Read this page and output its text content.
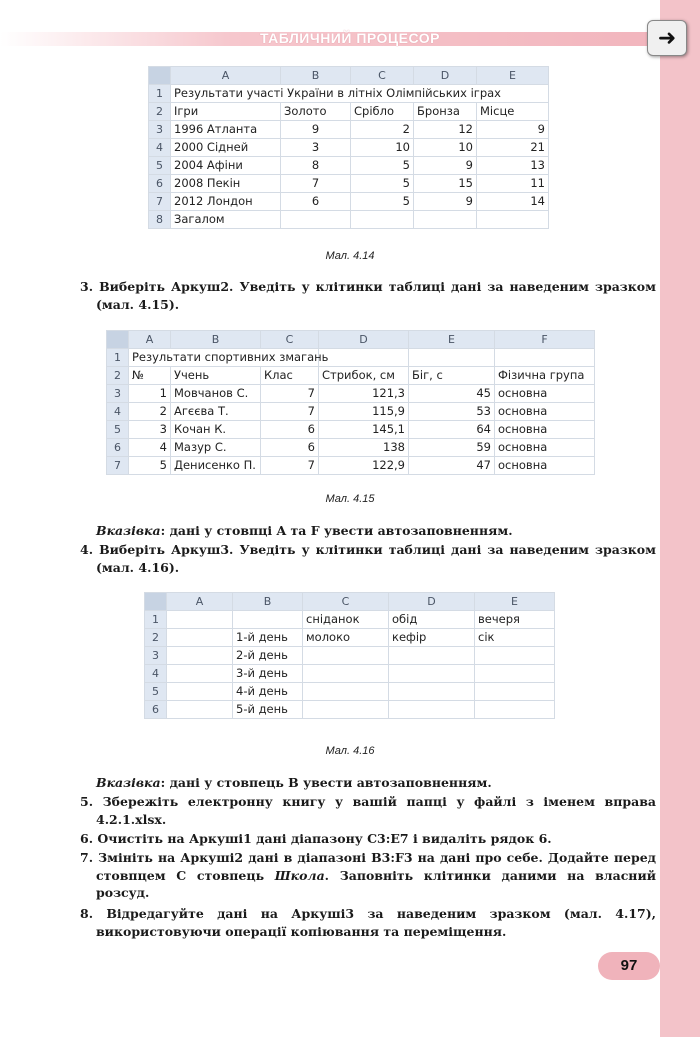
ТАБЛИЧНИЙ ПРОЦЕСОР	➜
	A	B	C	D	E
1	Результати участі України в літніх Олімпійських іграх				
2	Ігри	Золото	Срібло	Бронза	Місце
3	1996 Атланта	9	2	12	9
4	2000 Сідней	3	10	10	21
5	2004 Афіни	8	5	9	13
6	2008 Пекін	7	5	15	11
7	2012 Лондон	6	5	9	14
8	Загалом				
Мал. 4.14
3. Виберіть Аркуш2. Уведіть у клітинки таблиці дані за наведеним зразком (мал. 4.15).
	A	B	C	D	E	F
1	Результати спортивних змагань					
2	№	Учень	Клас	Стрибок, см	Біг, с	Фізична група
3	1	Мовчанов С.	7	121,3	45	основна
4	2	Агєєва Т.	7	115,9	53	основна
5	3	Кочан К.	6	145,1	64	основна
6	4	Мазур С.	6	138	59	основна
7	5	Денисенко П.	7	122,9	47	основна
Мал. 4.15
Вказівка: дані у стовпці A та F увести автозаповненням.
4. Виберіть Аркуш3. Уведіть у клітинки таблиці дані за наведеним зразком (мал. 4.16).
	A	B	C	D	E
1			сніданок	обід	вечеря
2		1-й день	молоко	кефір	сік
3		2-й день			
4		3-й день			
5		4-й день			
6		5-й день			
Мал. 4.16
Вказівка: дані у стовпець B увести автозаповненням.
5. Збережіть електронну книгу у вашій папці у файлі з іменем вправа 4.2.1.xlsx.
6. Очистіть на Аркуші1 дані діапазону C3:E7 і видаліть рядок 6.
7. Змініть на Аркуші2 дані в діапазоні B3:F3 на дані про себе. Додайте перед стовпцем C стовпець Школа. Заповніть клітинки даними на власний розсуд.
8. Відредагуйте дані на Аркуші3 за наведеним зразком (мал. 4.17), використовуючи операції копіювання та переміщення.
97
